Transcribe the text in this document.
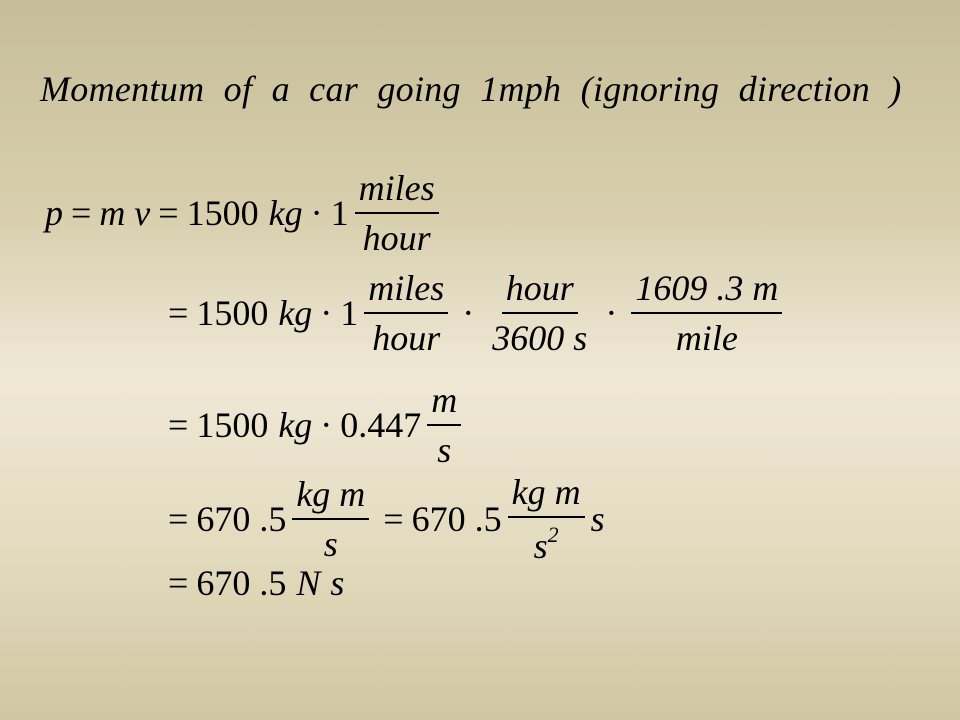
Momentum of a car going 1mph (ignoring direction )
p = m v = 1500 kg · $1 \frac{\text{miles}}{\text{hour}}$
= 1500 kg · $1 \frac{\text{miles}}{\text{hour}} \cdot \frac{\text{hour}}{3600 s} \cdot \frac{1609 .3 m}{\text{mile}}$
= 1500 kg · $0.447 \frac{m}{s}$
= 670 $.5 \frac{\text{kg m}}{s} = 670$ $.5 \frac{\text{kg m}}{s^2}$ s
= 670 .5 N s
